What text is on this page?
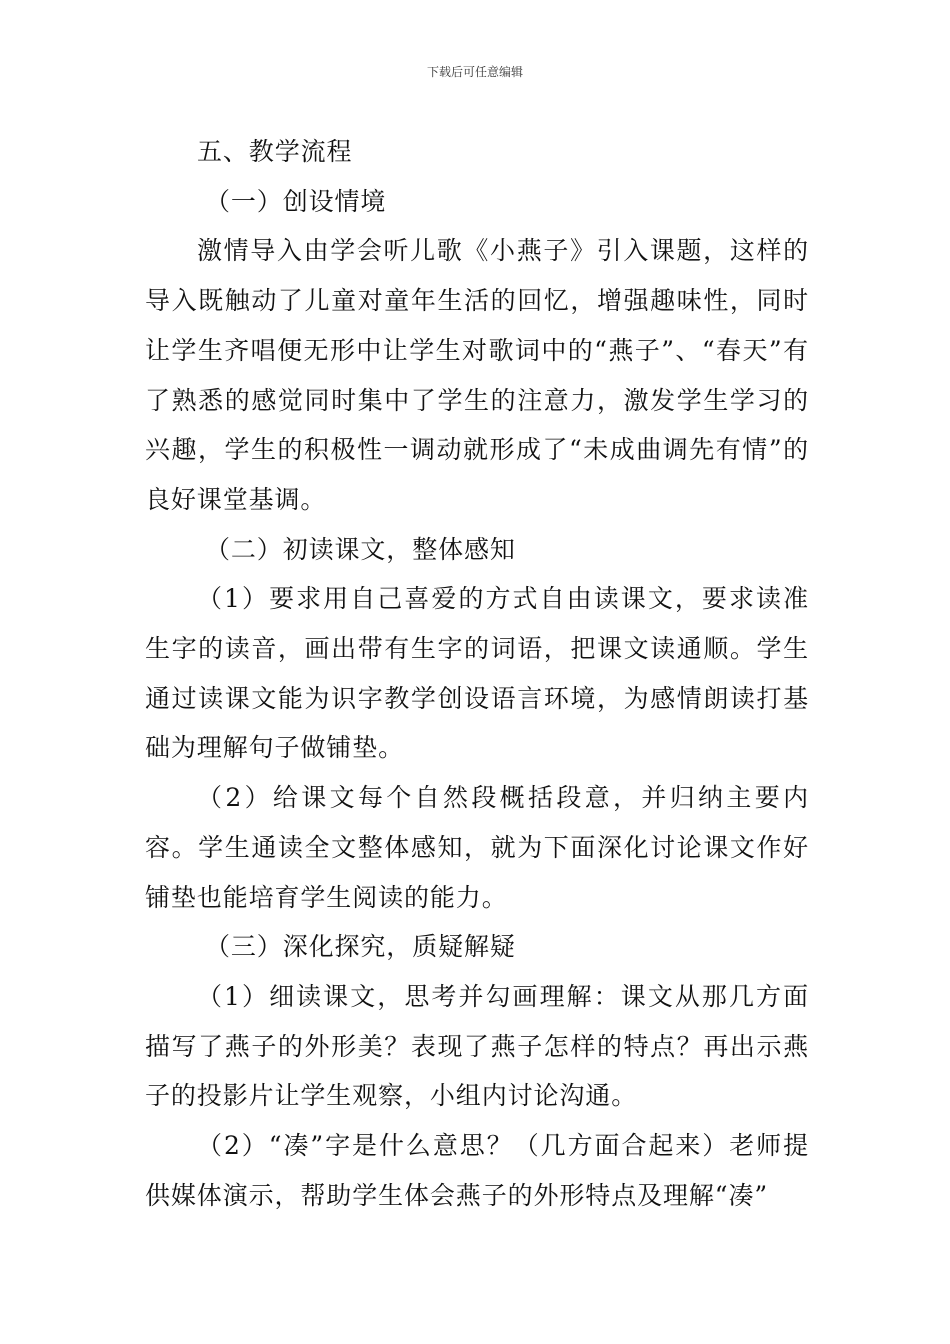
下载后可任意编辑

五、教学流程

（一）创设情境

激情导入由学会听儿歌《小燕子》引入课题，这样的导入既触动了儿童对童年生活的回忆，增强趣味性，同时让学生齐唱便无形中让学生对歌词中的“燕子”、“春天”有了熟悉的感觉同时集中了学生的注意力，激发学生学习的兴趣，学生的积极性一调动就形成了“未成曲调先有情”的良好课堂基调。

（二）初读课文，整体感知

（1）要求用自己喜爱的方式自由读课文，要求读准生字的读音，画出带有生字的词语，把课文读通顺。学生通过读课文能为识字教学创设语言环境，为感情朗读打基础为理解句子做铺垫。

（2）给课文每个自然段概括段意，并归纳主要内容。学生通读全文整体感知，就为下面深化讨论课文作好铺垫也能培育学生阅读的能力。

（三）深化探究，质疑解疑

（1）细读课文，思考并勾画理解：课文从那几方面描写了燕子的外形美？表现了燕子怎样的特点？再出示燕子的投影片让学生观察，小组内讨论沟通。

（2）“凑”字是什么意思？（几方面合起来）老师提供媒体演示，帮助学生体会燕子的外形特点及理解“凑”
